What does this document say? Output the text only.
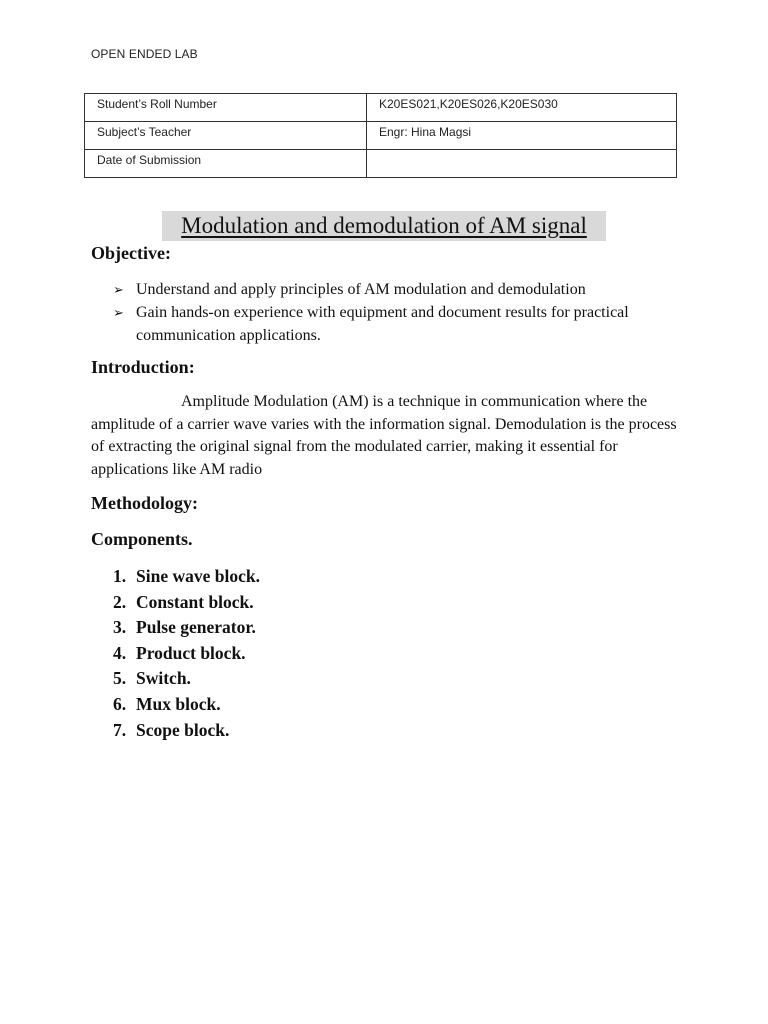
OPEN ENDED LAB
Student’s Roll Number	K20ES021,K20ES026,K20ES030
Subject’s Teacher	Engr: Hina Magsi
Date of Submission	
Modulation and demodulation of AM signal
Objective:
➢ Understand and apply principles of AM modulation and demodulation
➢ Gain hands-on experience with equipment and document results for practical communication applications.
Introduction:

Amplitude Modulation (AM) is a technique in communication where the amplitude of a carrier wave varies with the information signal. Demodulation is the process of extracting the original signal from the modulated carrier, making it essential for applications like AM radio

Methodology:
Components.
1. Sine wave block.
2. Constant block.
3. Pulse generator.
4. Product block.
5. Switch.
6. Mux block.
7. Scope block.
